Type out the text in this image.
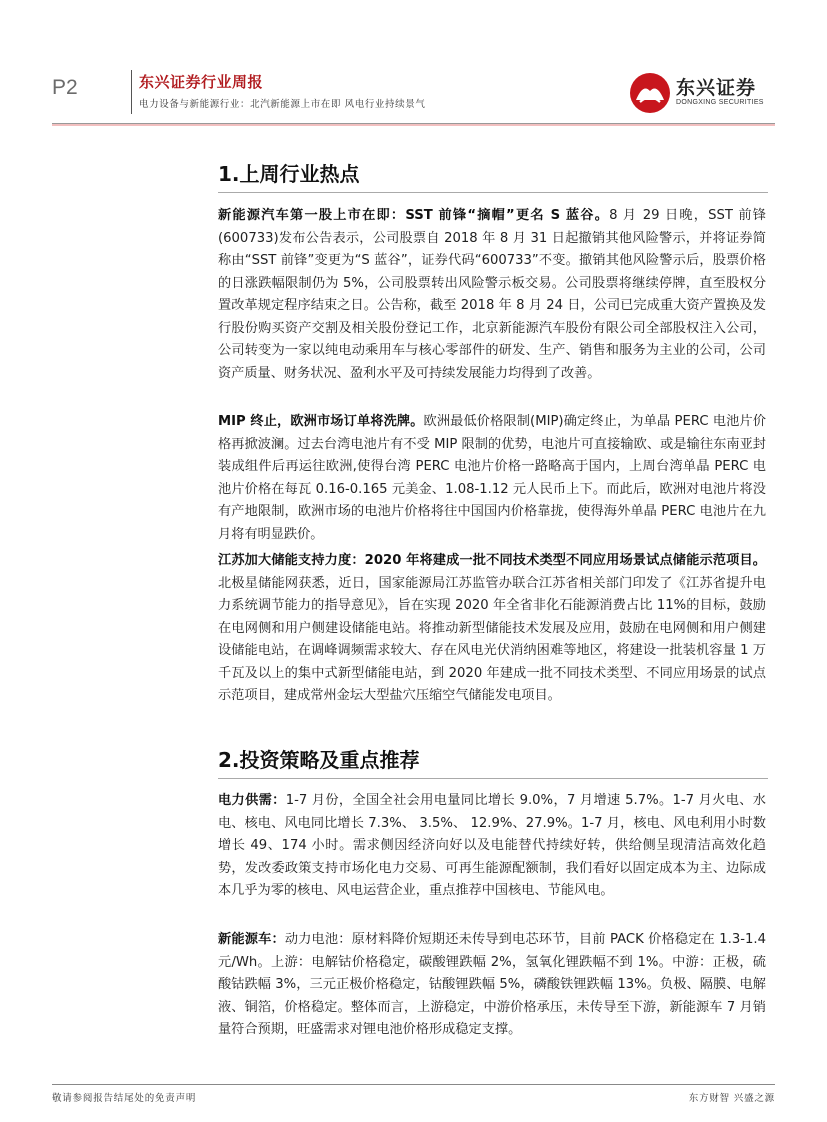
P2	东兴证券行业周报
电力设备与新能源行业：北汽新能源上市在即 风电行业持续景气
东兴证券
DONGXING SECURITIES
1.上周行业热点

新能源汽车第一股上市在即：SST 前锋“摘帽”更名 S 蓝谷。8 月 29 日晚，SST 前锋(600733)发布公告表示，公司股票自 2018 年 8 月 31 日起撤销其他风险警示，并将证券简称由“SST 前锋”变更为“S 蓝谷”，证券代码“600733”不变。撤销其他风险警示后，股票价格的日涨跌幅限制仍为 5%，公司股票转出风险警示板交易。公司股票将继续停牌，直至股权分置改革规定程序结束之日。公告称，截至 2018 年 8 月 24 日，公司已完成重大资产置换及发行股份购买资产交割及相关股份登记工作，北京新能源汽车股份有限公司全部股权注入公司，公司转变为一家以纯电动乘用车与核心零部件的研发、生产、销售和服务为主业的公司，公司资产质量、财务状况、盈利水平及可持续发展能力均得到了改善。

MIP 终止，欧洲市场订单将洗牌。欧洲最低价格限制(MIP)确定终止，为单晶 PERC 电池片价格再掀波澜。过去台湾电池片有不受 MIP 限制的优势，电池片可直接输欧、或是输往东南亚封装成组件后再运往欧洲,使得台湾 PERC 电池片价格一路略高于国内，上周台湾单晶 PERC 电池片价格在每瓦 0.16-0.165 元美金、1.08-1.12 元人民币上下。而此后，欧洲对电池片将没有产地限制，欧洲市场的电池片价格将往中国国内价格靠拢，使得海外单晶 PERC 电池片在九月将有明显跌价。

江苏加大储能支持力度：2020 年将建成一批不同技术类型不同应用场景试点储能示范项目。北极星储能网获悉，近日，国家能源局江苏监管办联合江苏省相关部门印发了《江苏省提升电力系统调节能力的指导意见》，旨在实现 2020 年全省非化石能源消费占比 11%的目标，鼓励在电网侧和用户侧建设储能电站。将推动新型储能技术发展及应用，鼓励在电网侧和用户侧建设储能电站，在调峰调频需求较大、存在风电光伏消纳困难等地区，将建设一批装机容量 1 万千瓦及以上的集中式新型储能电站，到 2020 年建成一批不同技术类型、不同应用场景的试点示范项目，建成常州金坛大型盐穴压缩空气储能发电项目。

2.投资策略及重点推荐

电力供需：1-7 月份，全国全社会用电量同比增长 9.0%，7 月增速 5.7%。1-7 月火电、水电、核电、风电同比增长 7.3%、 3.5%、 12.9%、27.9%。1-7 月，核电、风电利用小时数增长 49、174 小时。需求侧因经济向好以及电能替代持续好转，供给侧呈现清洁高效化趋势，发改委政策支持市场化电力交易、可再生能源配额制，我们看好以固定成本为主、边际成本几乎为零的核电、风电运营企业，重点推荐中国核电、节能风电。

新能源车：动力电池：原材料降价短期还未传导到电芯环节，目前 PACK 价格稳定在 1.3-1.4 元/Wh。上游：电解钴价格稳定，碳酸锂跌幅 2%，氢氧化锂跌幅不到 1%。中游：正极，硫酸钴跌幅 3%，三元正极价格稳定，钴酸锂跌幅 5%，磷酸铁锂跌幅 13%。负极、隔膜、电解液、铜箔，价格稳定。整体而言，上游稳定，中游价格承压，未传导至下游，新能源车 7 月销量符合预期，旺盛需求对锂电池价格形成稳定支撑。

敬请参阅报告结尾处的免责声明	东方财智 兴盛之源
